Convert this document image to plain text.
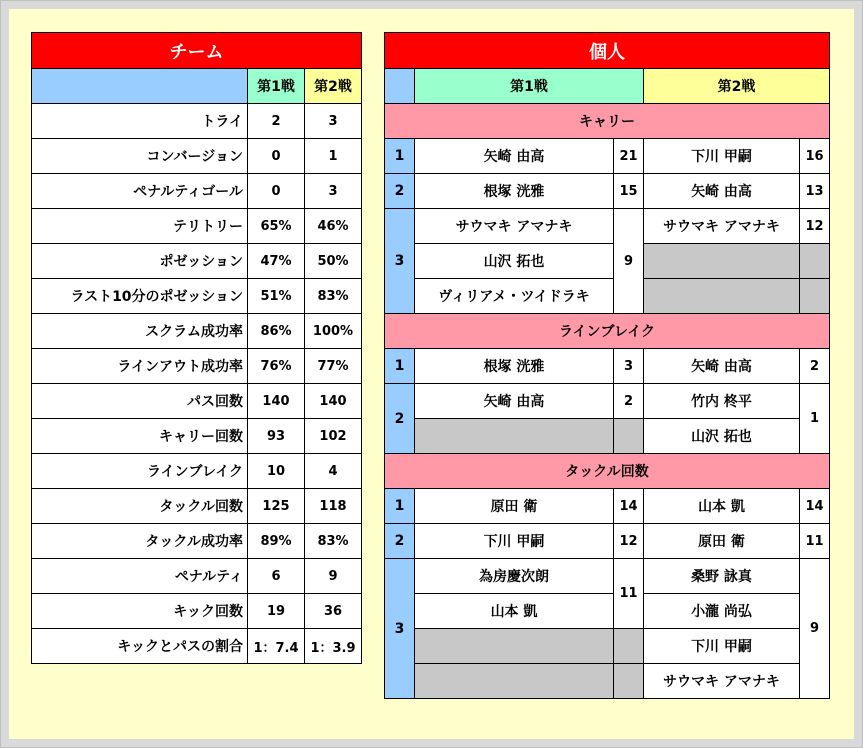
チーム		
	第1戦	第2戦
トライ	2	3
コンバージョン	0	1
ペナルティゴール	0	3
テリトリー	65%	46%
ポゼッション	47%	50%
ラスト10分のポゼッション	51%	83%
スクラム成功率	86%	100%
ラインアウト成功率	76%	77%
パス回数	140	140
キャリー回数	93	102
ラインブレイク	10	4
タックル回数	125	118
タックル成功率	89%	83%
ペナルティ	6	9
キック回数	19	36
キックとパスの割合	1：7.4	1：3.9
個人				
	第1戦		第2戦	
キャリー				
1	矢崎 由高	21	下川 甲嗣	16
2	根塚 洸雅	15	矢崎 由高	13
3	サウマキ アマナキ	9	サウマキ アマナキ	12
	山沢 拓也			
	ヴィリアメ・ツイドラキ			
ラインブレイク				
1	根塚 洸雅	3	矢崎 由高	2
2	矢崎 由高	2	竹内 柊平	1
			山沢 拓也	
タックル回数				
1	原田 衛	14	山本 凱	14
2	下川 甲嗣	12	原田 衛	11
3	為房慶次朗	11	桑野 詠真	9
	山本 凱		小瀧 尚弘	
			下川 甲嗣	
			サウマキ アマナキ	
